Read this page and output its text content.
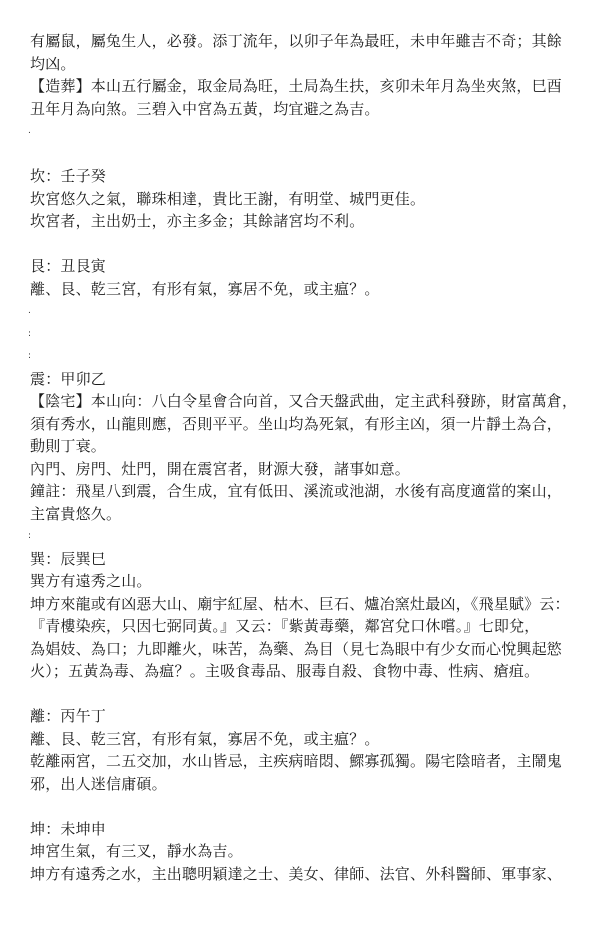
有屬鼠，屬兔生人，必發。添丁流年，以卯子年為最旺，未申年雖吉不奇；其餘
均凶。
【造葬】本山五行屬金，取金局為旺，土局為生扶，亥卯未年月為坐夾煞，巳酉
丑年月為向煞。三碧入中宮為五黃，均宜避之為吉。
.
坎：壬子癸
坎宮悠久之氣，聯珠相達，貴比王謝，有明堂、城門更佳。
坎宮者，主出奶士，亦主多金；其餘諸宮均不利。
艮：丑艮寅
離、艮、乾三宮，有形有氣，寡居不免，或主瘟？。
.
:
:
震：甲卯乙
【陰宅】本山向：八白令星會合向首，又合天盤武曲，定主武科發跡，財富萬倉，
須有秀水，山龍則應，否則平平。坐山均為死氣，有形主凶，須一片靜土為合，
動則丁衰。
內門、房門、灶門，開在震宮者，財源大發，諸事如意。
鐘註：飛星八到震，合生成，宜有低田、溪流或池湖，水後有高度適當的案山，
主富貴悠久。
:
巽：辰巽巳
巽方有遠秀之山。
坤方來龍或有凶惡大山、廟宇紅屋、枯木、巨石、爐冶窯灶最凶，《飛星賦》云：
『青樓染疾，只因七弼同黃。』又云：『紫黃毒藥，鄰宮兌口休嚐。』七即兌，
為娼妓、為口；九即離火，味苦，為藥、為目（見七為眼中有少女而心悅興起慾
火）；五黃為毒、為瘟？。主吸食毒品、服毒自殺、食物中毒、性病、瘡疽。
離：丙午丁
離、艮、乾三宮，有形有氣，寡居不免，或主瘟？。
乾離兩宮，二五交加，水山皆忌，主疾病暗悶、鰥寡孤獨。陽宅陰暗者，主鬧鬼
邪，出人迷信庸碩。
坤：未坤申
坤宮生氣，有三叉，靜水為吉。
坤方有遠秀之水，主出聰明穎達之士、美女、律師、法官、外科醫師、軍事家、
